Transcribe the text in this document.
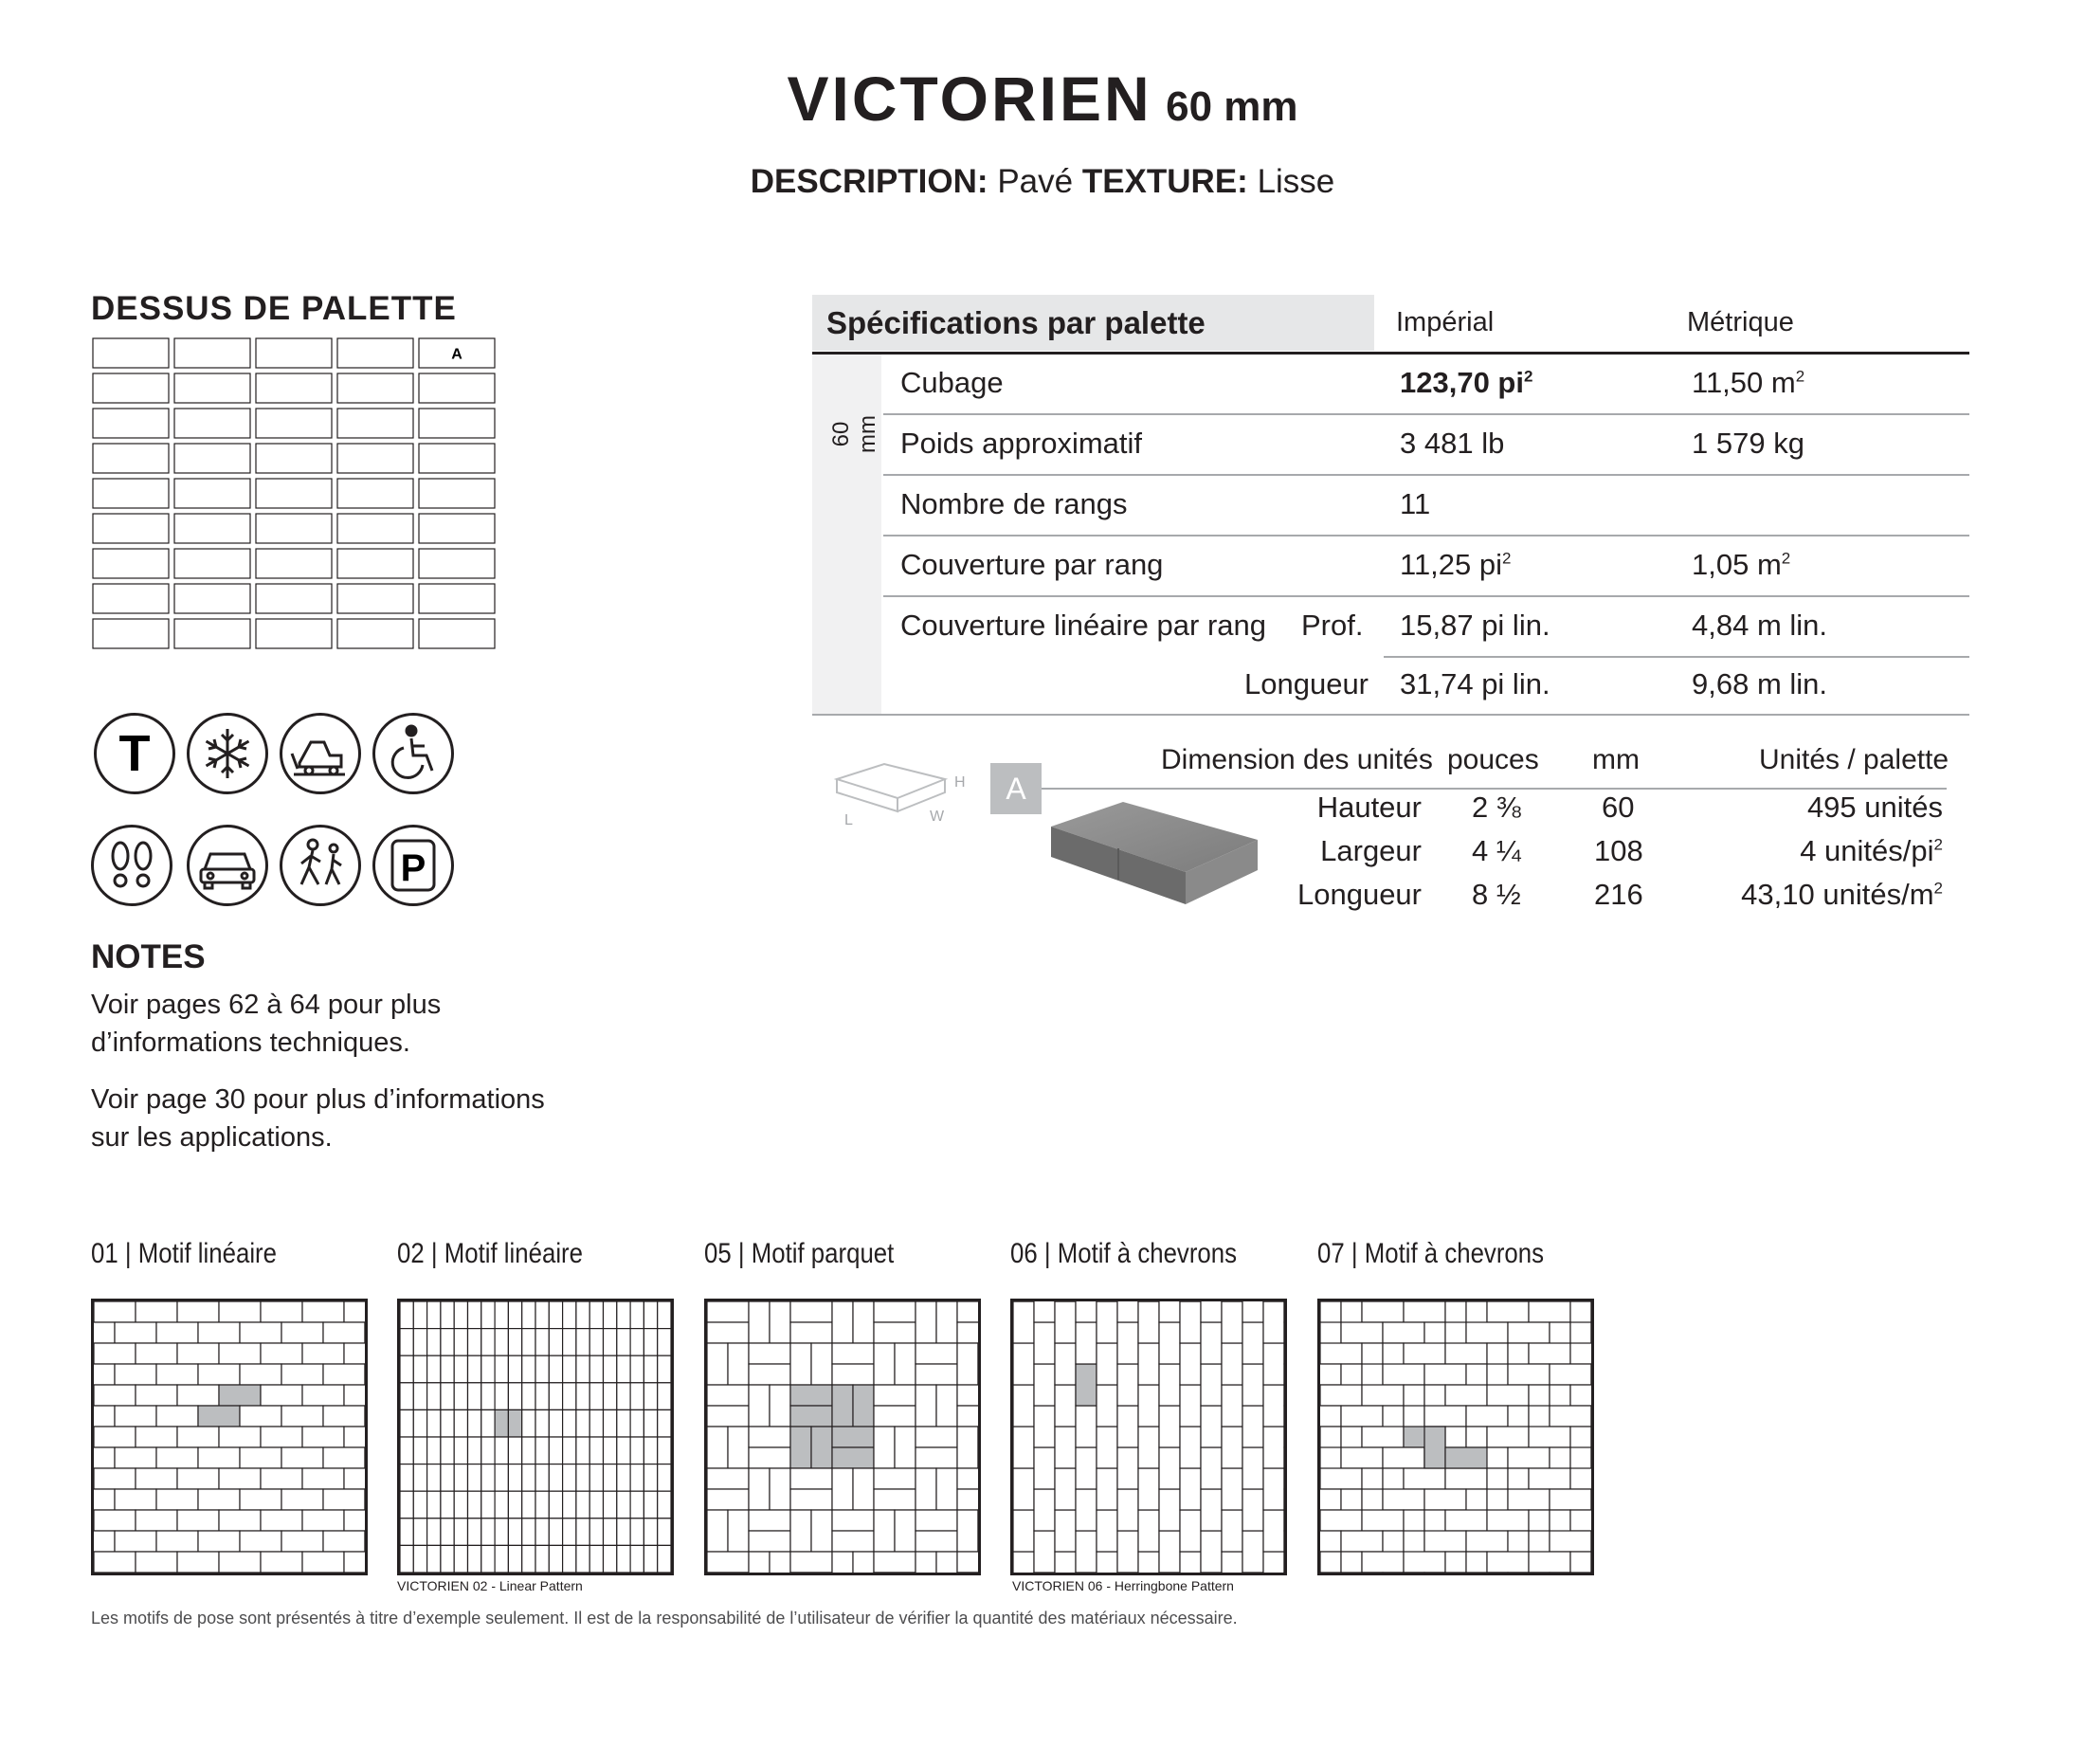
VICTORIEN 60 mm
DESCRIPTION: Pavé TEXTURE: Lisse
DESSUS DE PALETTE
A
T
P
NOTES
Voir pages 62 à 64 pour plus
d’informations techniques.
Voir page 30 pour plus d’informations
sur les applications.
Spécifications par palette	Impérial	Métrique
60 mm
Cubage	123,70 $pi^2$	11,50 $m^2$
Poids approximatif	3 481 lb	1 579 kg
Nombre de rangs	11
Couverture par rang	11,25 $pi^2$	1,05 $m^2$
Couverture linéaire par rang Prof. 15,87 pi lin.	4,84 m lin.
Longueur 31,74 pi lin.	9,68 m lin.
H
L	W
A
Dimension des unités pouces mm	Unités / palette
Hauteur 2 ⅜	60	495 unités
Largeur 4 ¼ 108	4 unités/$pi^2$
Longueur 8 ½ 216	43,10 unités/$m^2$
01 | Motif linéaire	02 | Motif linéaire	05 | Motif parquet	06 | Motif à chevrons	07 | Motif à chevrons
VICTORIEN 02 - Linear Pattern	VICTORIEN 06 - Herringbone Pattern
Les motifs de pose sont présentés à titre d’exemple seulement. Il est de la responsabilité de l’utilisateur de vérifier la quantité des matériaux nécessaire.
